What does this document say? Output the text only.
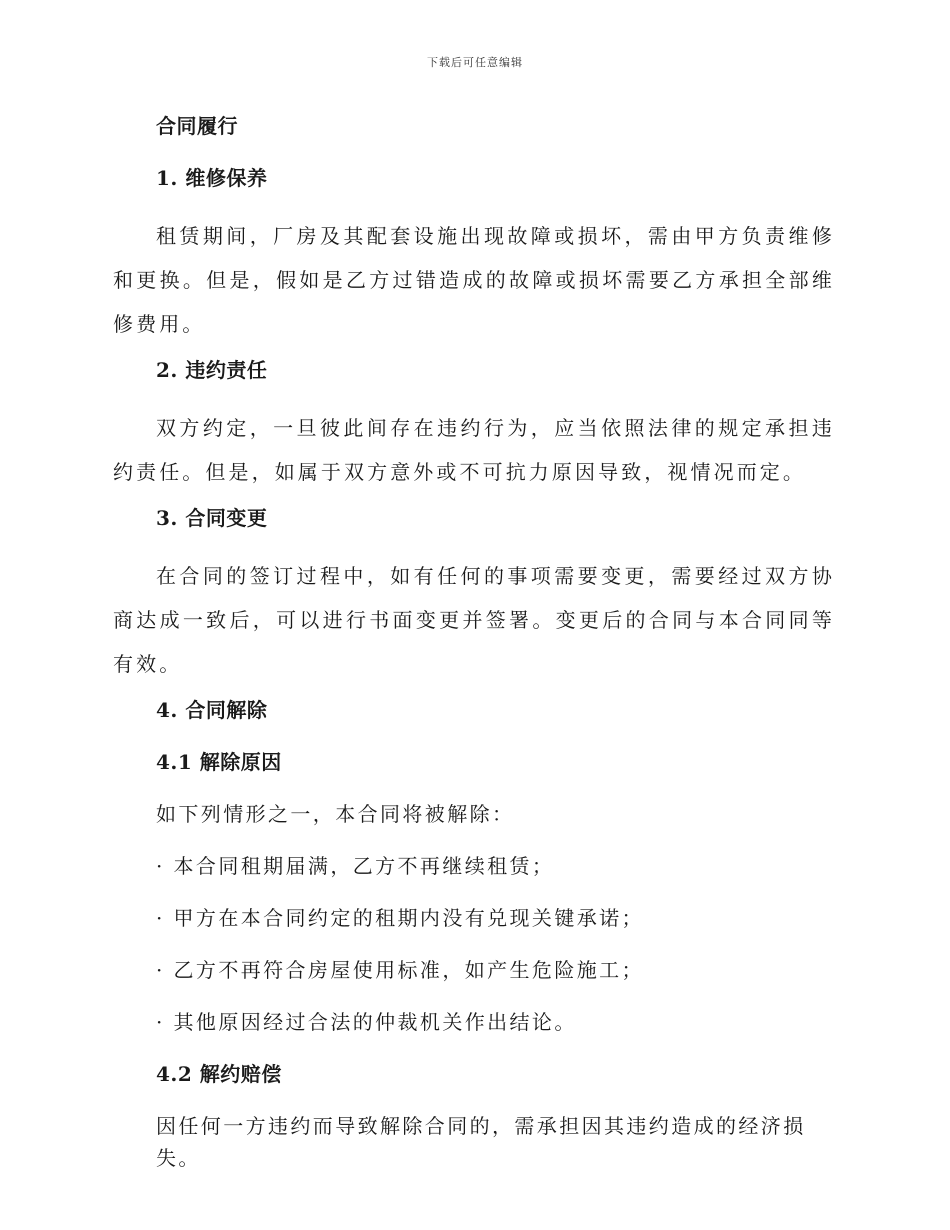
下载后可任意编辑
合同履行
1. 维修保养
租赁期间，厂房及其配套设施出现故障或损坏，需由甲方负责维修和更换。但是，假如是乙方过错造成的故障或损坏需要乙方承担全部维修费用。
2. 违约责任
双方约定，一旦彼此间存在违约行为，应当依照法律的规定承担违约责任。但是，如属于双方意外或不可抗力原因导致，视情况而定。
3. 合同变更
在合同的签订过程中，如有任何的事项需要变更，需要经过双方协商达成一致后，可以进行书面变更并签署。变更后的合同与本合同同等有效。
4. 合同解除
4.1 解除原因
如下列情形之一，本合同将被解除：
· 本合同租期届满，乙方不再继续租赁；
· 甲方在本合同约定的租期内没有兑现关键承诺；
· 乙方不再符合房屋使用标准，如产生危险施工；
· 其他原因经过合法的仲裁机关作出结论。
4.2 解约赔偿
因任何一方违约而导致解除合同的，需承担因其违约造成的经济损失。
